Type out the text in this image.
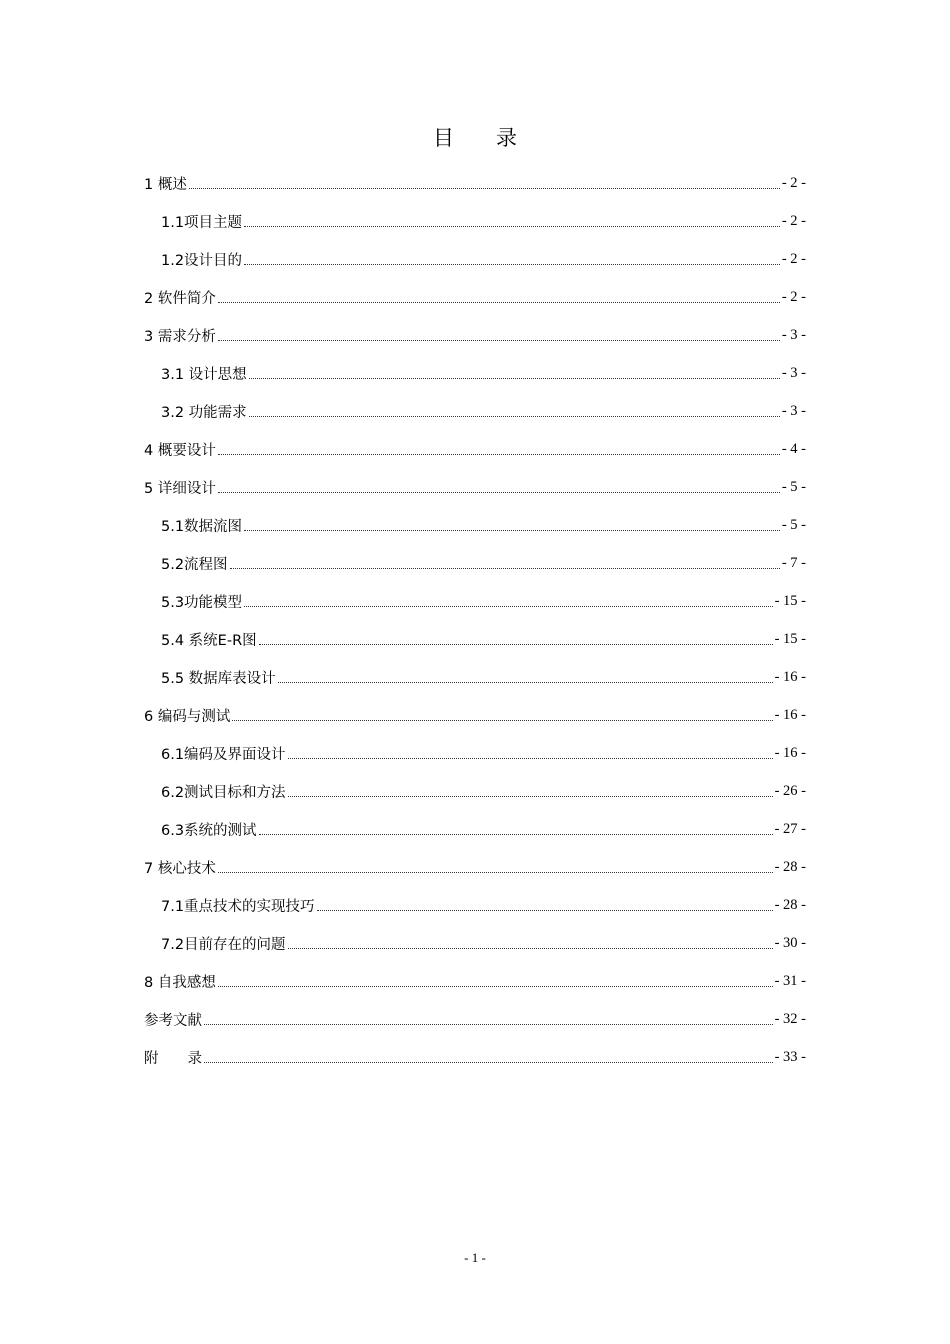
目　　录
1 概述	- 2 -
1.1项目主题	- 2 -
1.2设计目的	- 2 -
2 软件简介	- 2 -
3 需求分析	- 3 -
3.1 设计思想	- 3 -
3.2 功能需求	- 3 -
4 概要设计	- 4 -
5 详细设计	- 5 -
5.1数据流图	- 5 -
5.2流程图	- 7 -
5.3功能模型	- 15 -
5.4 系统E-R图	- 15 -
5.5 数据库表设计	- 16 -
6 编码与测试	- 16 -
6.1编码及界面设计	- 16 -
6.2测试目标和方法	- 26 -
6.3系统的测试	- 27 -
7 核心技术	- 28 -
7.1重点技术的实现技巧	- 28 -
7.2目前存在的问题	- 30 -
8 自我感想	- 31 -
参考文献	- 32 -
附　　录	- 33 -
- 1 -
